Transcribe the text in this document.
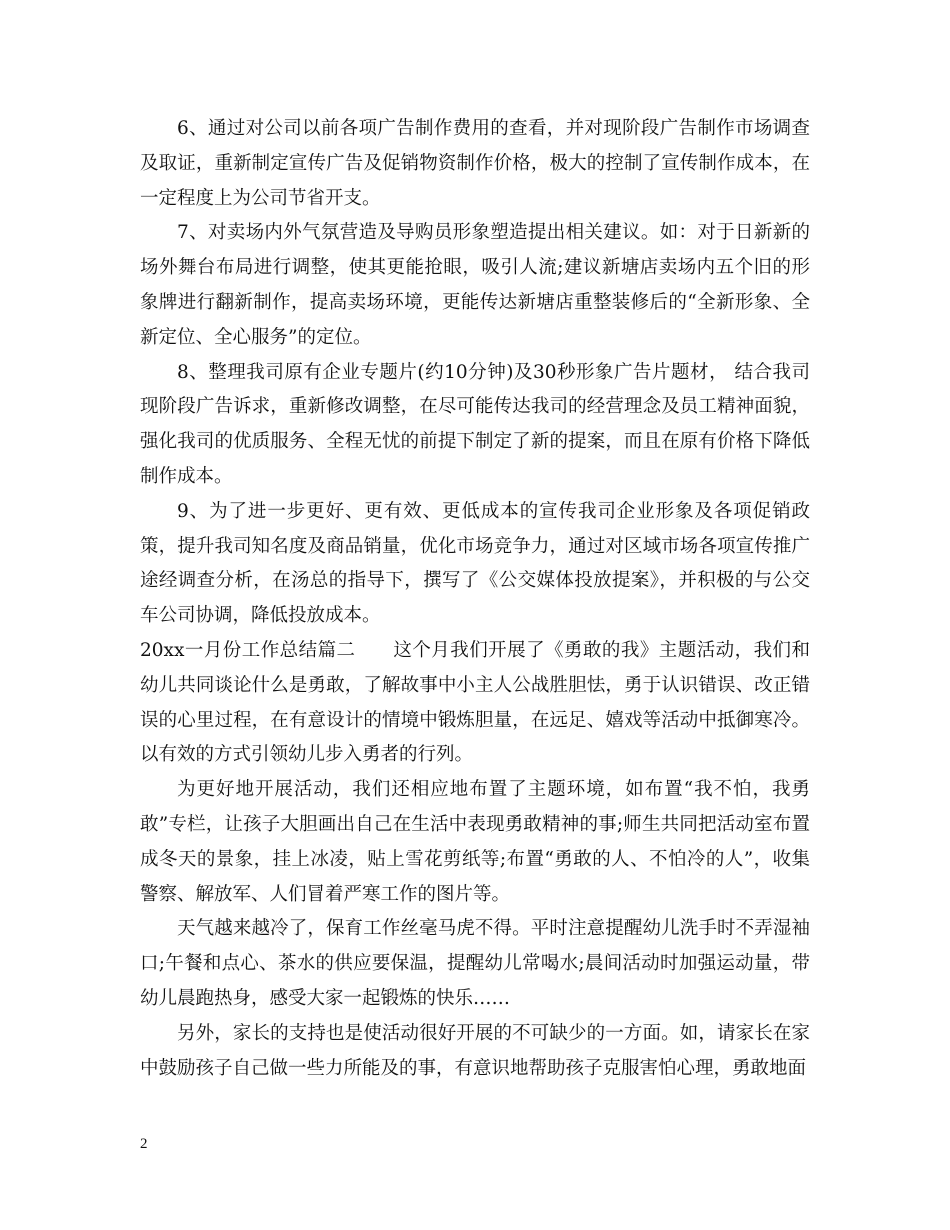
6、通过对公司以前各项广告制作费用的查看，并对现阶段广告制作市场调查及取证，重新制定宣传广告及促销物资制作价格，极大的控制了宣传制作成本，在一定程度上为公司节省开支。

7、对卖场内外气氛营造及导购员形象塑造提出相关建议。如：对于日新新的场外舞台布局进行调整，使其更能抢眼，吸引人流;建议新塘店卖场内五个旧的形象牌进行翻新制作，提高卖场环境，更能传达新塘店重整装修后的“全新形象、全新定位、全心服务”的定位。

8、整理我司原有企业专题片(约10分钟)及30秒形象广告片题材， 结合我司现阶段广告诉求，重新修改调整，在尽可能传达我司的经营理念及员工精神面貌，强化我司的优质服务、全程无忧的前提下制定了新的提案，而且在原有价格下降低制作成本。

9、为了进一步更好、更有效、更低成本的宣传我司企业形象及各项促销政策，提升我司知名度及商品销量，优化市场竞争力，通过对区域市场各项宣传推广途经调查分析，在汤总的指导下，撰写了《公交媒体投放提案》，并积极的与公交车公司协调，降低投放成本。

20xx一月份工作总结篇二　　这个月我们开展了《勇敢的我》主题活动，我们和幼儿共同谈论什么是勇敢，了解故事中小主人公战胜胆怯，勇于认识错误、改正错误的心里过程，在有意设计的情境中锻炼胆量，在远足、嬉戏等活动中抵御寒冷。以有效的方式引领幼儿步入勇者的行列。

为更好地开展活动，我们还相应地布置了主题环境，如布置“我不怕，我勇敢”专栏，让孩子大胆画出自己在生活中表现勇敢精神的事;师生共同把活动室布置成冬天的景象，挂上冰凌，贴上雪花剪纸等;布置“勇敢的人、不怕冷的人”，收集警察、解放军、人们冒着严寒工作的图片等。

天气越来越冷了，保育工作丝毫马虎不得。平时注意提醒幼儿洗手时不弄湿袖口;午餐和点心、茶水的供应要保温，提醒幼儿常喝水;晨间活动时加强运动量，带幼儿晨跑热身，感受大家一起锻炼的快乐……

另外，家长的支持也是使活动很好开展的不可缺少的一方面。如，请家长在家中鼓励孩子自己做一些力所能及的事，有意识地帮助孩子克服害怕心理，勇敢地面

2
